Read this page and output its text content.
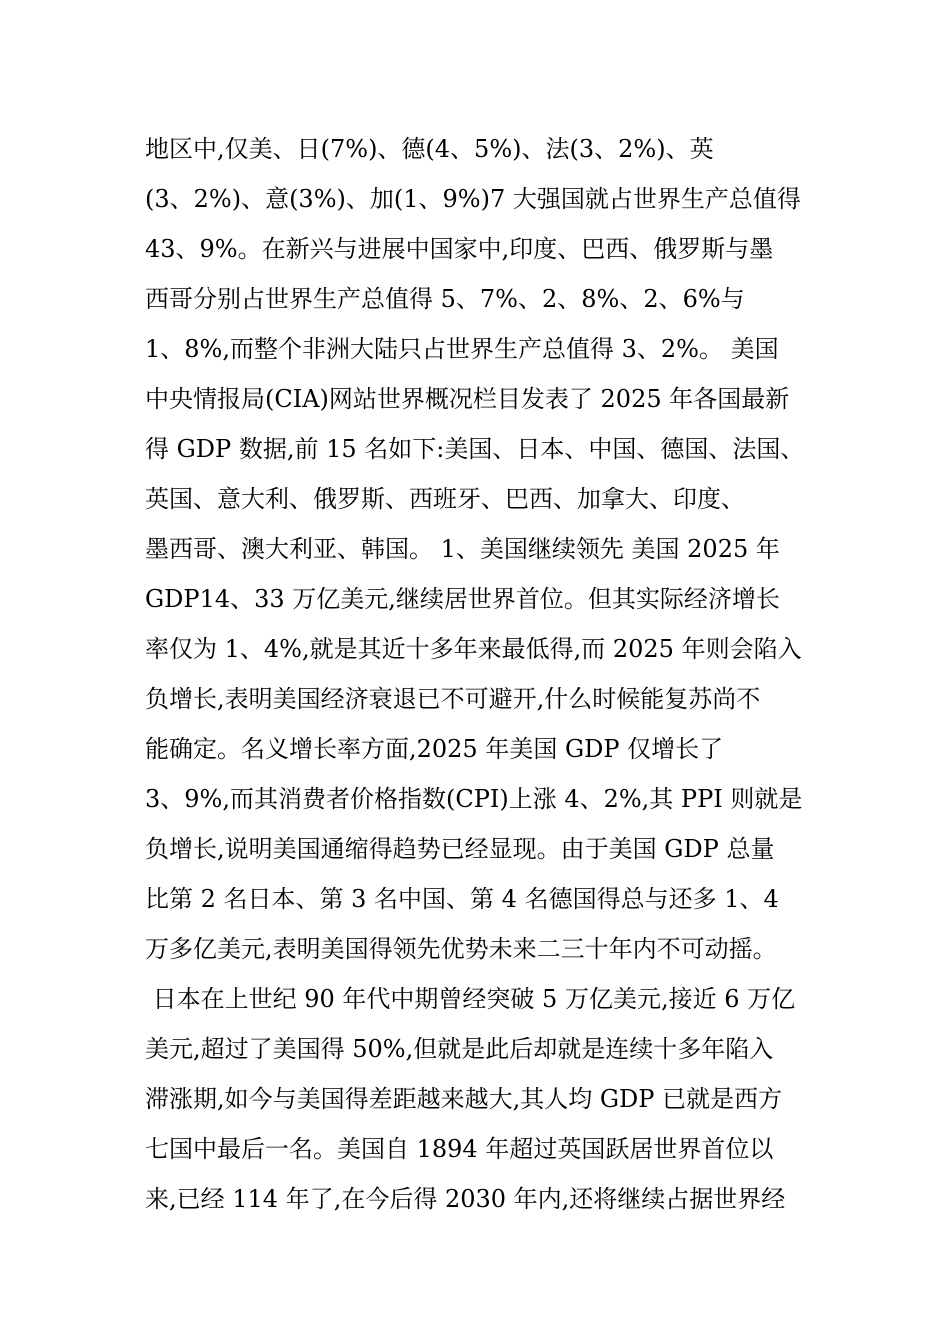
地区中,仅美、日(7%)、德(4、5%)、法(3、2%)、英
(3、2%)、意(3%)、加(1、9%)7 大强国就占世界生产总值得
43、9%。在新兴与进展中国家中,印度、巴西、俄罗斯与墨
西哥分别占世界生产总值得 5、7%、2、8%、2、6%与
1、8%,而整个非洲大陆只占世界生产总值得 3、2%。 美国
中央情报局(CIA)网站世界概况栏目发表了 2025 年各国最新
得 GDP 数据,前 15 名如下:美国、日本、中国、德国、法国、
英国、意大利、俄罗斯、西班牙、巴西、加拿大、印度、
墨西哥、澳大利亚、韩国。 1、美国继续领先 美国 2025 年
GDP14、33 万亿美元,继续居世界首位。但其实际经济增长
率仅为 1、4%,就是其近十多年来最低得,而 2025 年则会陷入
负增长,表明美国经济衰退已不可避开,什么时候能复苏尚不
能确定。名义增长率方面,2025 年美国 GDP 仅增长了
3、9%,而其消费者价格指数(CPI)上涨 4、2%,其 PPI 则就是
负增长,说明美国通缩得趋势已经显现。由于美国 GDP 总量
比第 2 名日本、第 3 名中国、第 4 名德国得总与还多 1、4
万多亿美元,表明美国得领先优势未来二三十年内不可动摇。
日本在上世纪 90 年代中期曾经突破 5 万亿美元,接近 6 万亿
美元,超过了美国得 50%,但就是此后却就是连续十多年陷入
滞涨期,如今与美国得差距越来越大,其人均 GDP 已就是西方
七国中最后一名。美国自 1894 年超过英国跃居世界首位以
来,已经 114 年了,在今后得 2030 年内,还将继续占据世界经
